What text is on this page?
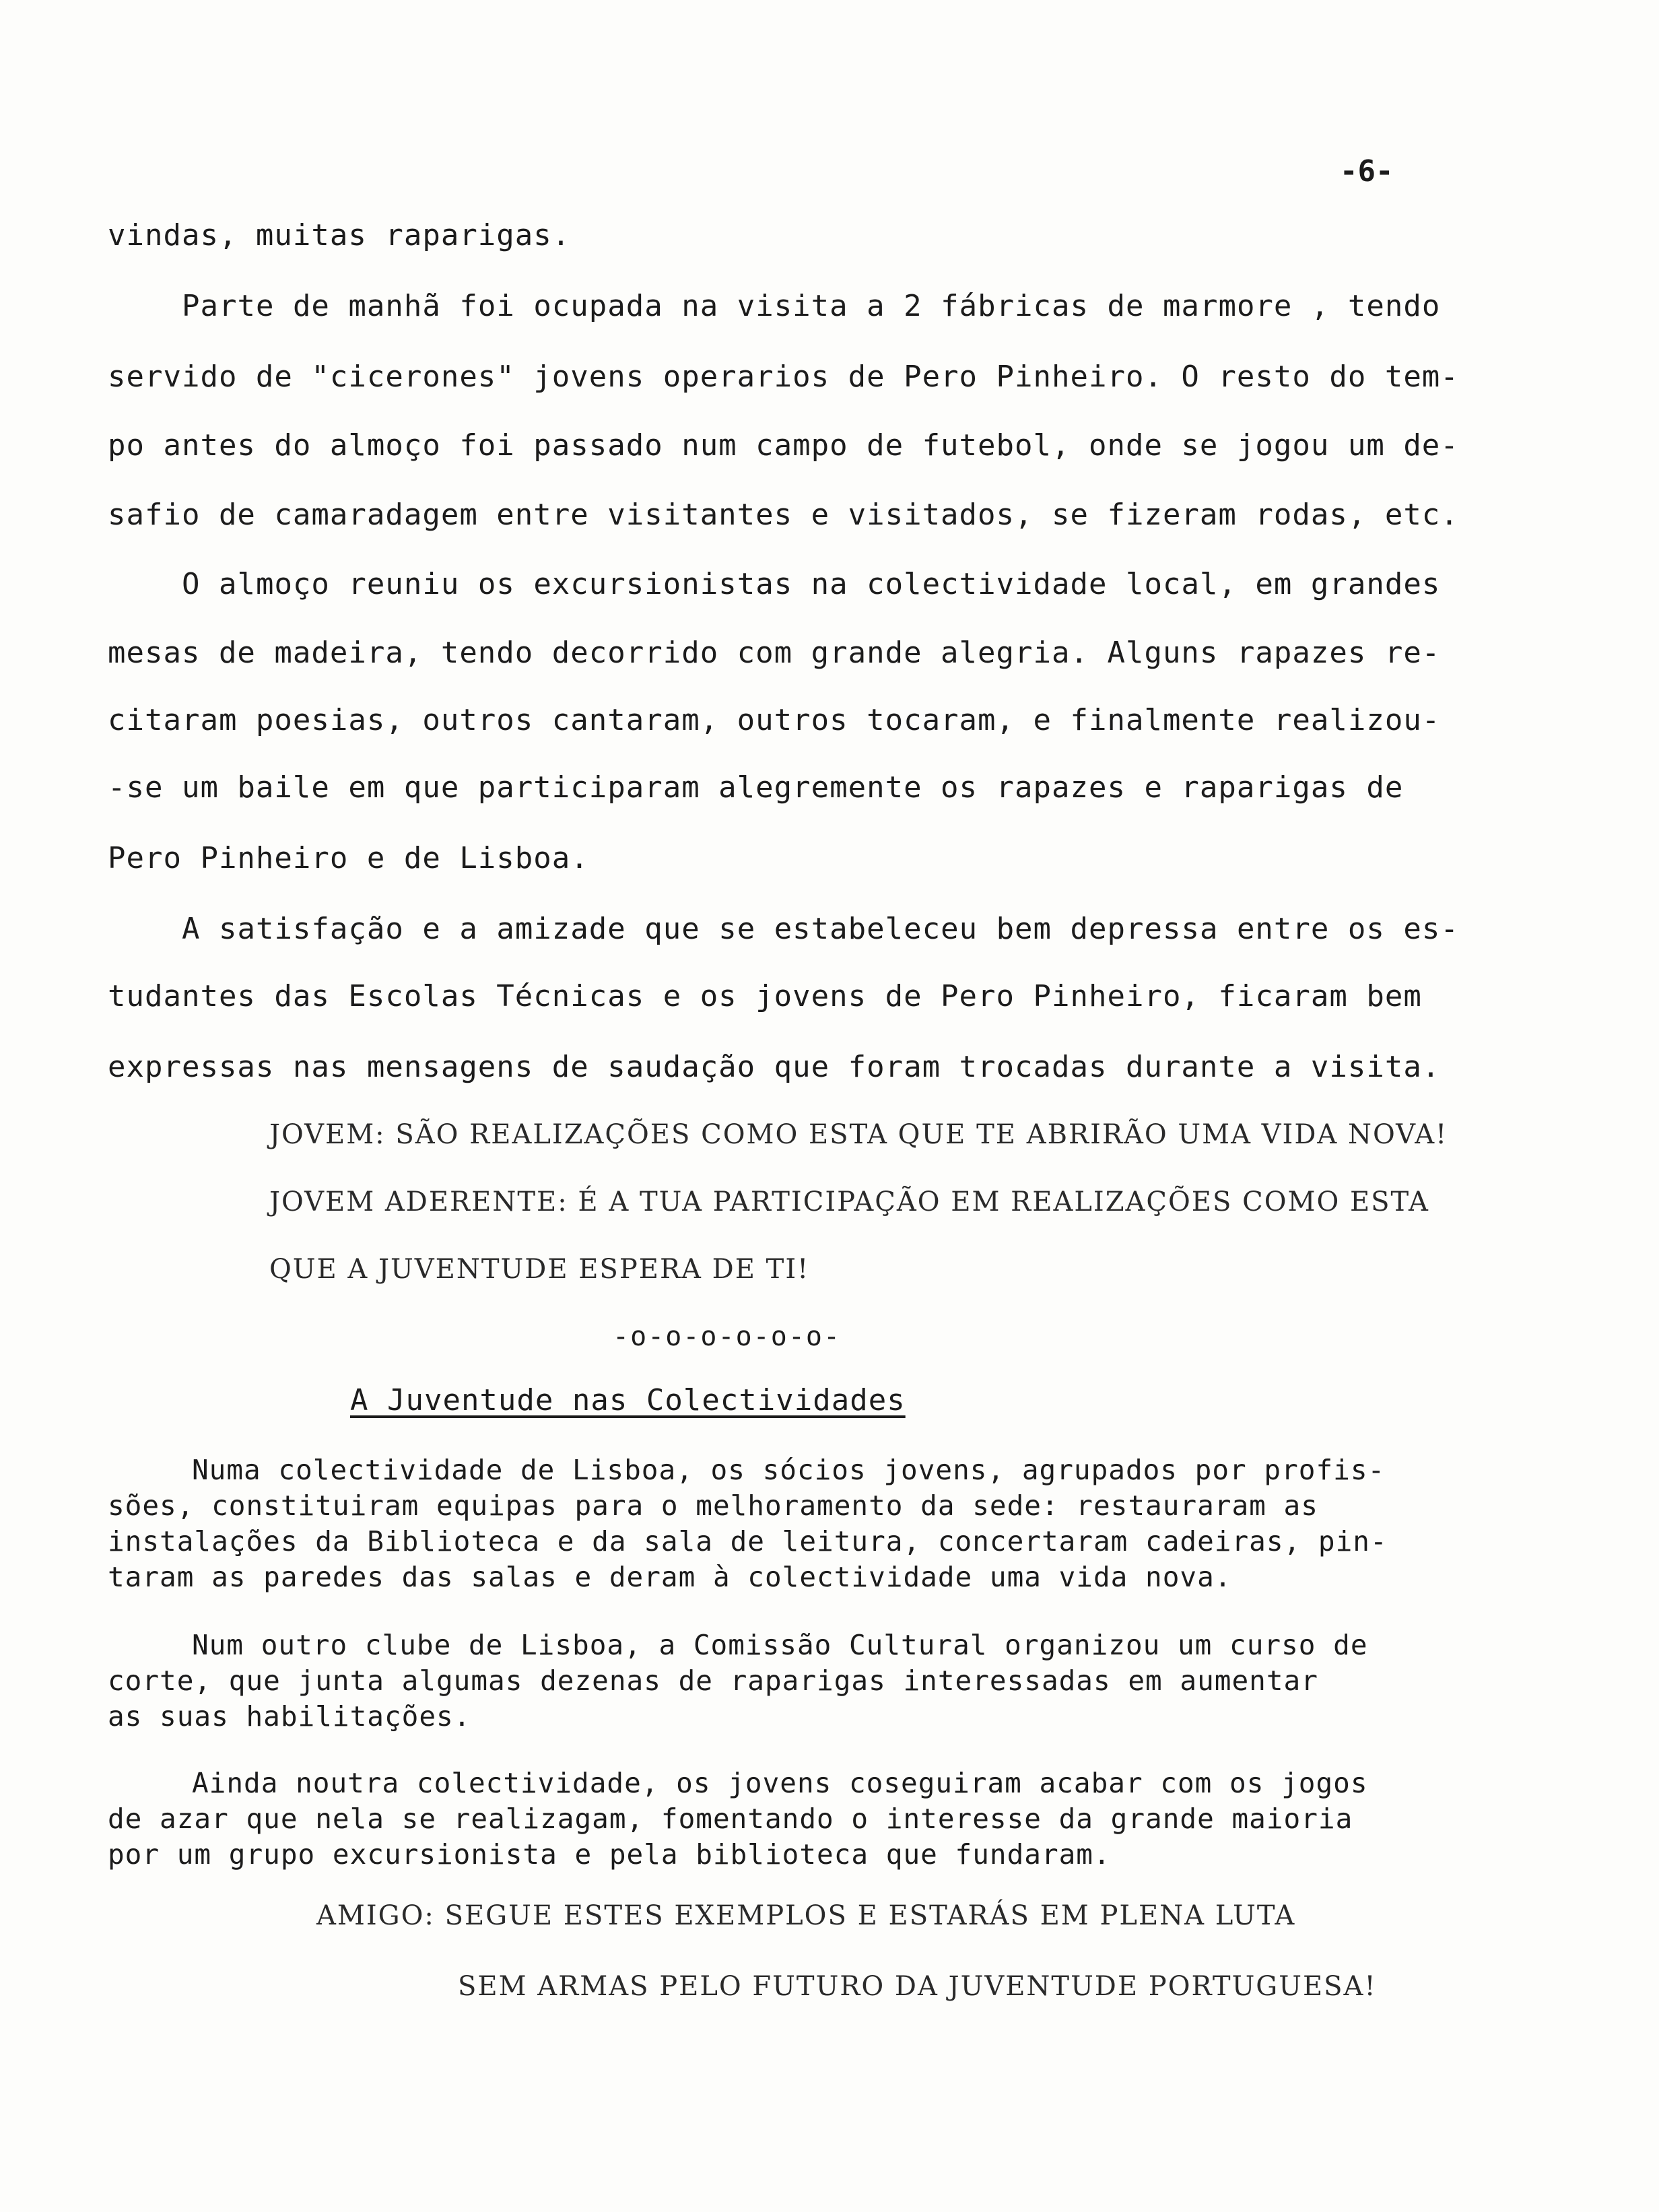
-6-
vindas, muitas raparigas.
Parte de manhã foi ocupada na visita a 2 fábricas de marmore , tendo
servido de "cicerones" jovens operarios de Pero Pinheiro. O resto do tem-
po antes do almoço foi passado num campo de futebol, onde se jogou um de-
safio de camaradagem entre visitantes e visitados, se fizeram rodas, etc.
O almoço reuniu os excursionistas na colectividade local, em grandes
mesas de madeira, tendo decorrido com grande alegria. Alguns rapazes re-
citaram poesias, outros cantaram, outros tocaram, e finalmente realizou-
-se um baile em que participaram alegremente os rapazes e raparigas de
Pero Pinheiro e de Lisboa.
A satisfação e a amizade que se estabeleceu bem depressa entre os es-
tudantes das Escolas Técnicas e os jovens de Pero Pinheiro, ficaram bem
expressas nas mensagens de saudação que foram trocadas durante a visita.
JOVEM: SÃO REALIZAÇÕES COMO ESTA QUE TE ABRIRÃO UMA VIDA NOVA!
JOVEM ADERENTE: É A TUA PARTICIPAÇÃO EM REALIZAÇÕES COMO ESTA
QUE A JUVENTUDE ESPERA DE TI!
-o-o-o-o-o-o-
A Juventude nas Colectividades
Numa colectividade de Lisboa, os sócios jovens, agrupados por profis-
sões, constituiram equipas para o melhoramento da sede: restauraram as
instalações da Biblioteca e da sala de leitura, concertaram cadeiras, pin-
taram as paredes das salas e deram à colectividade uma vida nova.
Num outro clube de Lisboa, a Comissão Cultural organizou um curso de
corte, que junta algumas dezenas de raparigas interessadas em aumentar
as suas habilitações.
Ainda noutra colectividade, os jovens coseguiram acabar com os jogos
de azar que nela se realizagam, fomentando o interesse da grande maioria
por um grupo excursionista e pela biblioteca que fundaram.
AMIGO: SEGUE ESTES EXEMPLOS E ESTARÁS EM PLENA LUTA
SEM ARMAS PELO FUTURO DA JUVENTUDE PORTUGUESA!
